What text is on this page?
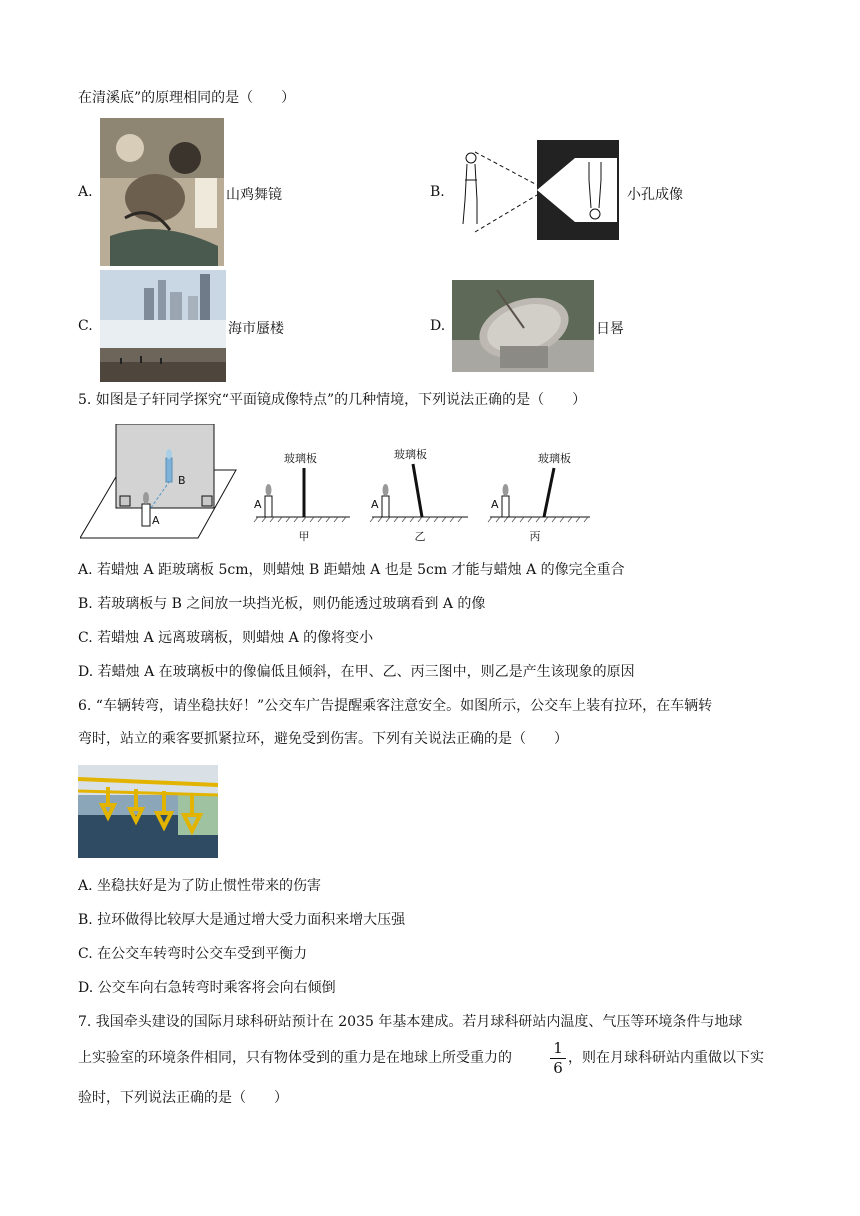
在清溪底”的原理相同的是（　　）
A.	山鸡舞镜	B.	小孔成像
C.	海市蜃楼	D.	日晷
5. 如图是子轩同学探究“平面镜成像特点”的几种情境，下列说法正确的是（　　）
B
A
A
玻璃板
甲
A
玻璃板
乙
A
玻璃板
丙
A. 若蜡烛 A 距玻璃板 5cm，则蜡烛 B 距蜡烛 A 也是 5cm 才能与蜡烛 A 的像完全重合
B. 若玻璃板与 B 之间放一块挡光板，则仍能透过玻璃看到 A 的像
C. 若蜡烛 A 远离玻璃板，则蜡烛 A 的像将变小
D. 若蜡烛 A 在玻璃板中的像偏低且倾斜，在甲、乙、丙三图中，则乙是产生该现象的原因
6. “车辆转弯，请坐稳扶好！”公交车广告提醒乘客注意安全。如图所示，公交车上装有拉环，在车辆转
弯时，站立的乘客要抓紧拉环，避免受到伤害。下列有关说法正确的是（　　）
A. 坐稳扶好是为了防止惯性带来的伤害
B. 拉环做得比较厚大是通过增大受力面积来增大压强
C. 在公交车转弯时公交车受到平衡力
D. 公交车向右急转弯时乘客将会向右倾倒
7. 我国牵头建设的国际月球科研站预计在 2035 年基本建成。若月球科研站内温度、气压等环境条件与地球
上实验室的环境条件相同，只有物体受到的重力是在地球上所受重力的
1
6
，则在月球科研站内重做以下实
验时，下列说法正确的是（　　）
